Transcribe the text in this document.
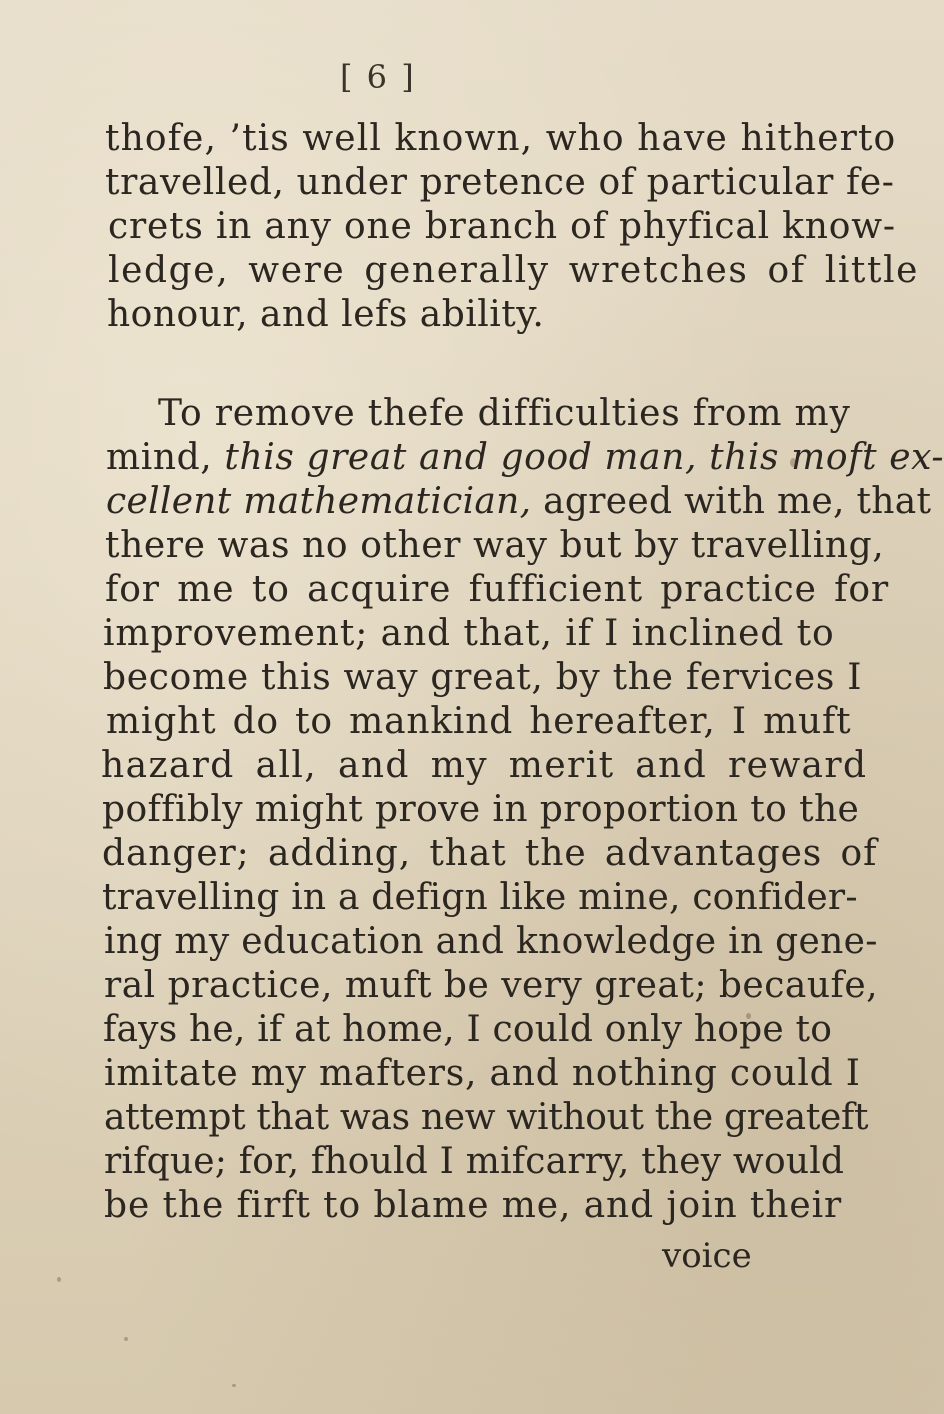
[ 6 ]
thofe, ’tis well known, who have hitherto
travelled, under pretence of particular fe-
crets in any one branch of phyfical know-
ledge, were generally wretches of little
honour, and lefs ability.
To remove thefe difficulties from my
mind, this great and good man, this moft ex-
cellent mathematician, agreed with me, that
there was no other way but by travelling,
for me to acquire fufficient practice for
improvement; and that, if I inclined to
become this way great, by the fervices I
might do to mankind hereafter, I muft
hazard all, and my merit and reward
poffibly might prove in proportion to the
danger; adding, that the advantages of
travelling in a defign like mine, confider-
ing my education and knowledge in gene-
ral practice, muft be very great; becaufe,
fays he, if at home, I could only hope to
imitate my mafters, and nothing could I
attempt that was new without the greateft
rifque; for, fhould I mifcarry, they would
be the firft to blame me, and join their
voice
